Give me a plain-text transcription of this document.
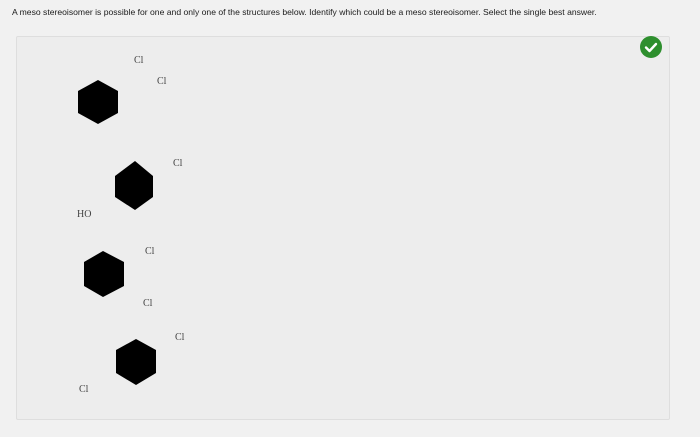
A meso stereoisomer is possible for one and only one of the structures below. Identify which could be a meso stereoisomer. Select the single best answer.
Cl
Cl
Cl
HO
Cl
Cl
Cl
Cl
